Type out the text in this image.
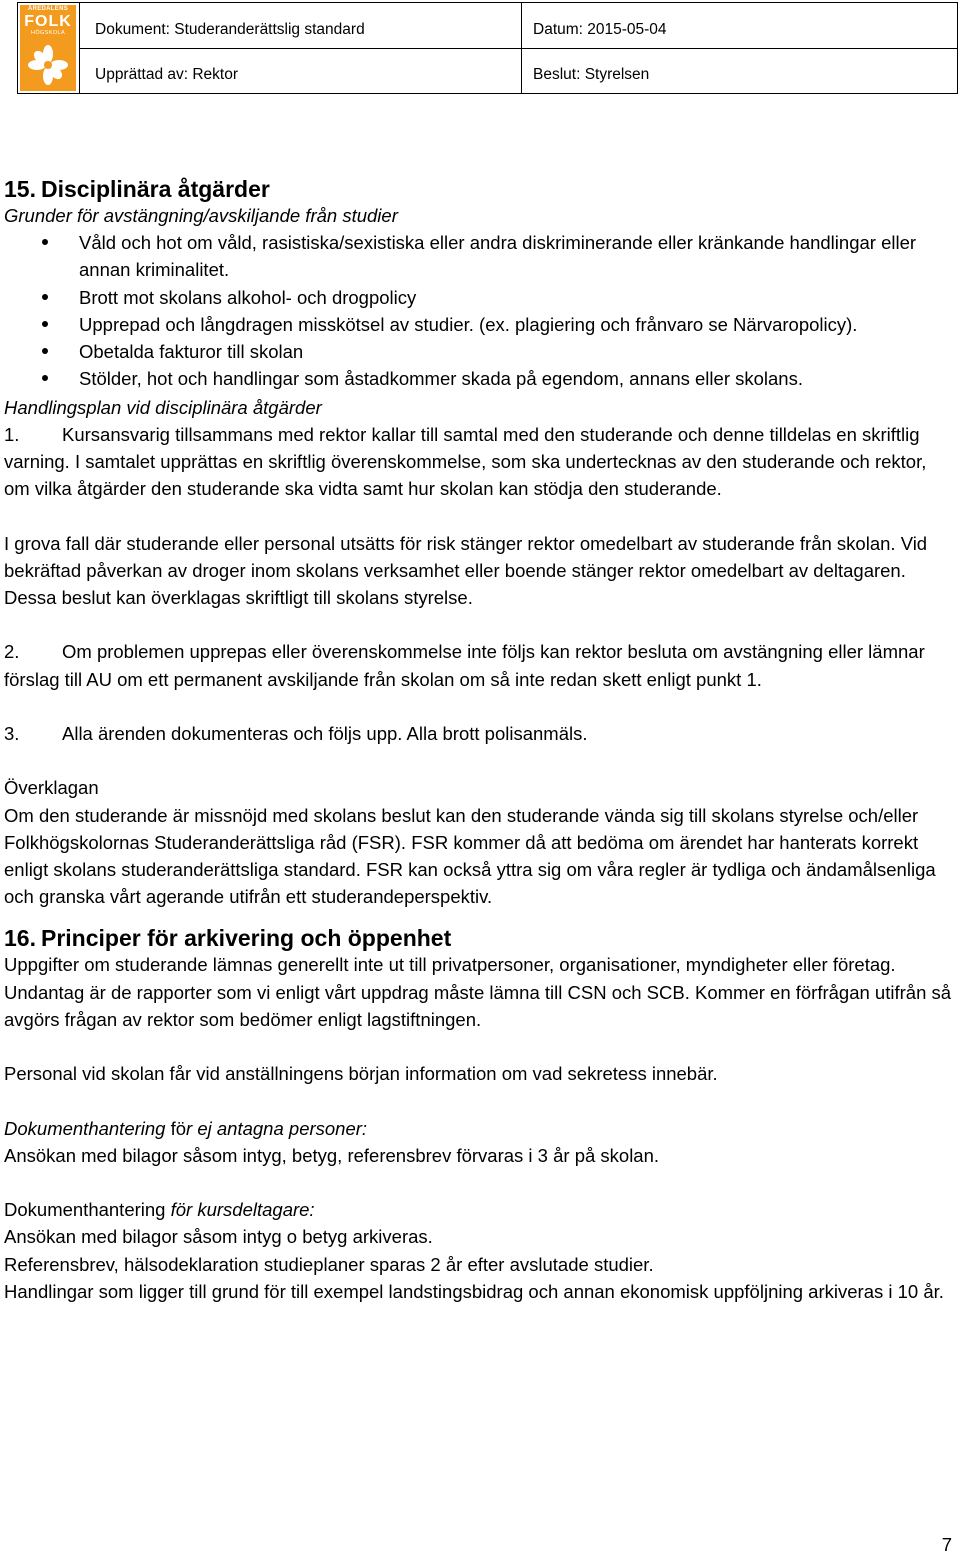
ÅREDALENS
FOLK
HÖGSKOLA	Dokument: Studeranderättslig standard	Datum: 2015-05-04
Upprättad av: Rektor	Beslut: Styrelsen
15. Disciplinära åtgärder

Grunder för avstängning/avskiljande från studier

Våld och hot om våld, rasistiska/sexistiska eller andra diskriminerande eller kränkande handlingar eller annan kriminalitet.
Brott mot skolans alkohol- och drogpolicy
Upprepad och långdragen misskötsel av studier. (ex. plagiering och frånvaro se Närvaropolicy).
Obetalda fakturor till skolan
Stölder, hot och handlingar som åstadkommer skada på egendom, annans eller skolans.

Handlingsplan vid disciplinära åtgärder

1. Kursansvarig tillsammans med rektor kallar till samtal med den studerande och denne tilldelas en skriftlig varning. I samtalet upprättas en skriftlig överenskommelse, som ska undertecknas av den studerande och rektor, om vilka åtgärder den studerande ska vidta samt hur skolan kan stödja den studerande.

I grova fall där studerande eller personal utsätts för risk stänger rektor omedelbart av studerande från skolan. Vid bekräftad påverkan av droger inom skolans verksamhet eller boende stänger rektor omedelbart av deltagaren. Dessa beslut kan överklagas skriftligt till skolans styrelse.

2. Om problemen upprepas eller överenskommelse inte följs kan rektor besluta om avstängning eller lämnar förslag till AU om ett permanent avskiljande från skolan om så inte redan skett enligt punkt 1.

3. Alla ärenden dokumenteras och följs upp. Alla brott polisanmäls.

Överklagan

Om den studerande är missnöjd med skolans beslut kan den studerande vända sig till skolans styrelse och/eller Folkhögskolornas Studeranderättsliga råd (FSR). FSR kommer då att bedöma om ärendet har hanterats korrekt enligt skolans studeranderättsliga standard. FSR kan också yttra sig om våra regler är tydliga och ändamålsenliga och granska vårt agerande utifrån ett studerandeperspektiv.

16. Principer för arkivering och öppenhet

Uppgifter om studerande lämnas generellt inte ut till privatpersoner, organisationer, myndigheter eller företag. Undantag är de rapporter som vi enligt vårt uppdrag måste lämna till CSN och SCB. Kommer en förfrågan utifrån så avgörs frågan av rektor som bedömer enligt lagstiftningen.

Personal vid skolan får vid anställningens början information om vad sekretess innebär.

Dokumenthantering för ej antagna personer:

Ansökan med bilagor såsom intyg, betyg, referensbrev förvaras i 3 år på skolan.

Dokumenthantering för kursdeltagare:

Ansökan med bilagor såsom intyg o betyg arkiveras.

Referensbrev, hälsodeklaration studieplaner sparas 2 år efter avslutade studier.

Handlingar som ligger till grund för till exempel landstingsbidrag och annan ekonomisk uppföljning arkiveras i 10 år.

7
